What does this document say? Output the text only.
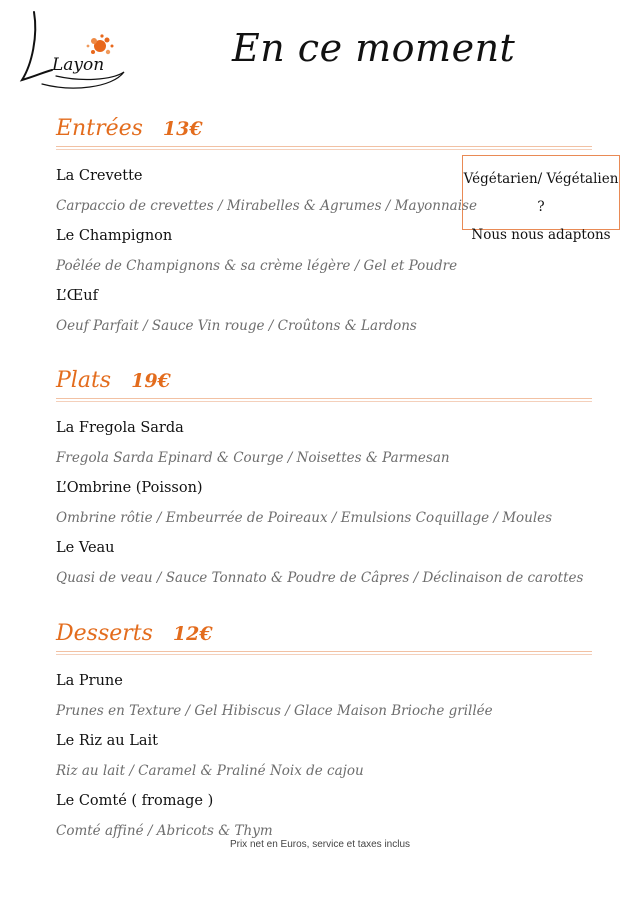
Layon	En ce moment
Végétarien/ Végétalien ?
Nous nous adaptons
Entrées 13€
La Crevette
Carpaccio de crevettes / Mirabelles & Agrumes / Mayonnaise
Le Champignon
Poêlée de Champignons & sa crème légère / Gel et Poudre
L’Œuf
Oeuf Parfait / Sauce Vin rouge / Croûtons & Lardons
Plats 19€
La Fregola Sarda
Fregola Sarda Epinard & Courge / Noisettes & Parmesan
L’Ombrine (Poisson)
Ombrine rôtie / Embeurrée de Poireaux / Emulsions Coquillage / Moules
Le Veau
Quasi de veau / Sauce Tonnato & Poudre de Câpres / Déclinaison de carottes
Desserts 12€
La Prune
Prunes en Texture / Gel Hibiscus / Glace Maison Brioche grillée
Le Riz au Lait
Riz au lait / Caramel & Praliné Noix de cajou
Le Comté ( fromage )
Comté affiné / Abricots & Thym
Prix net en Euros, service et taxes inclus
